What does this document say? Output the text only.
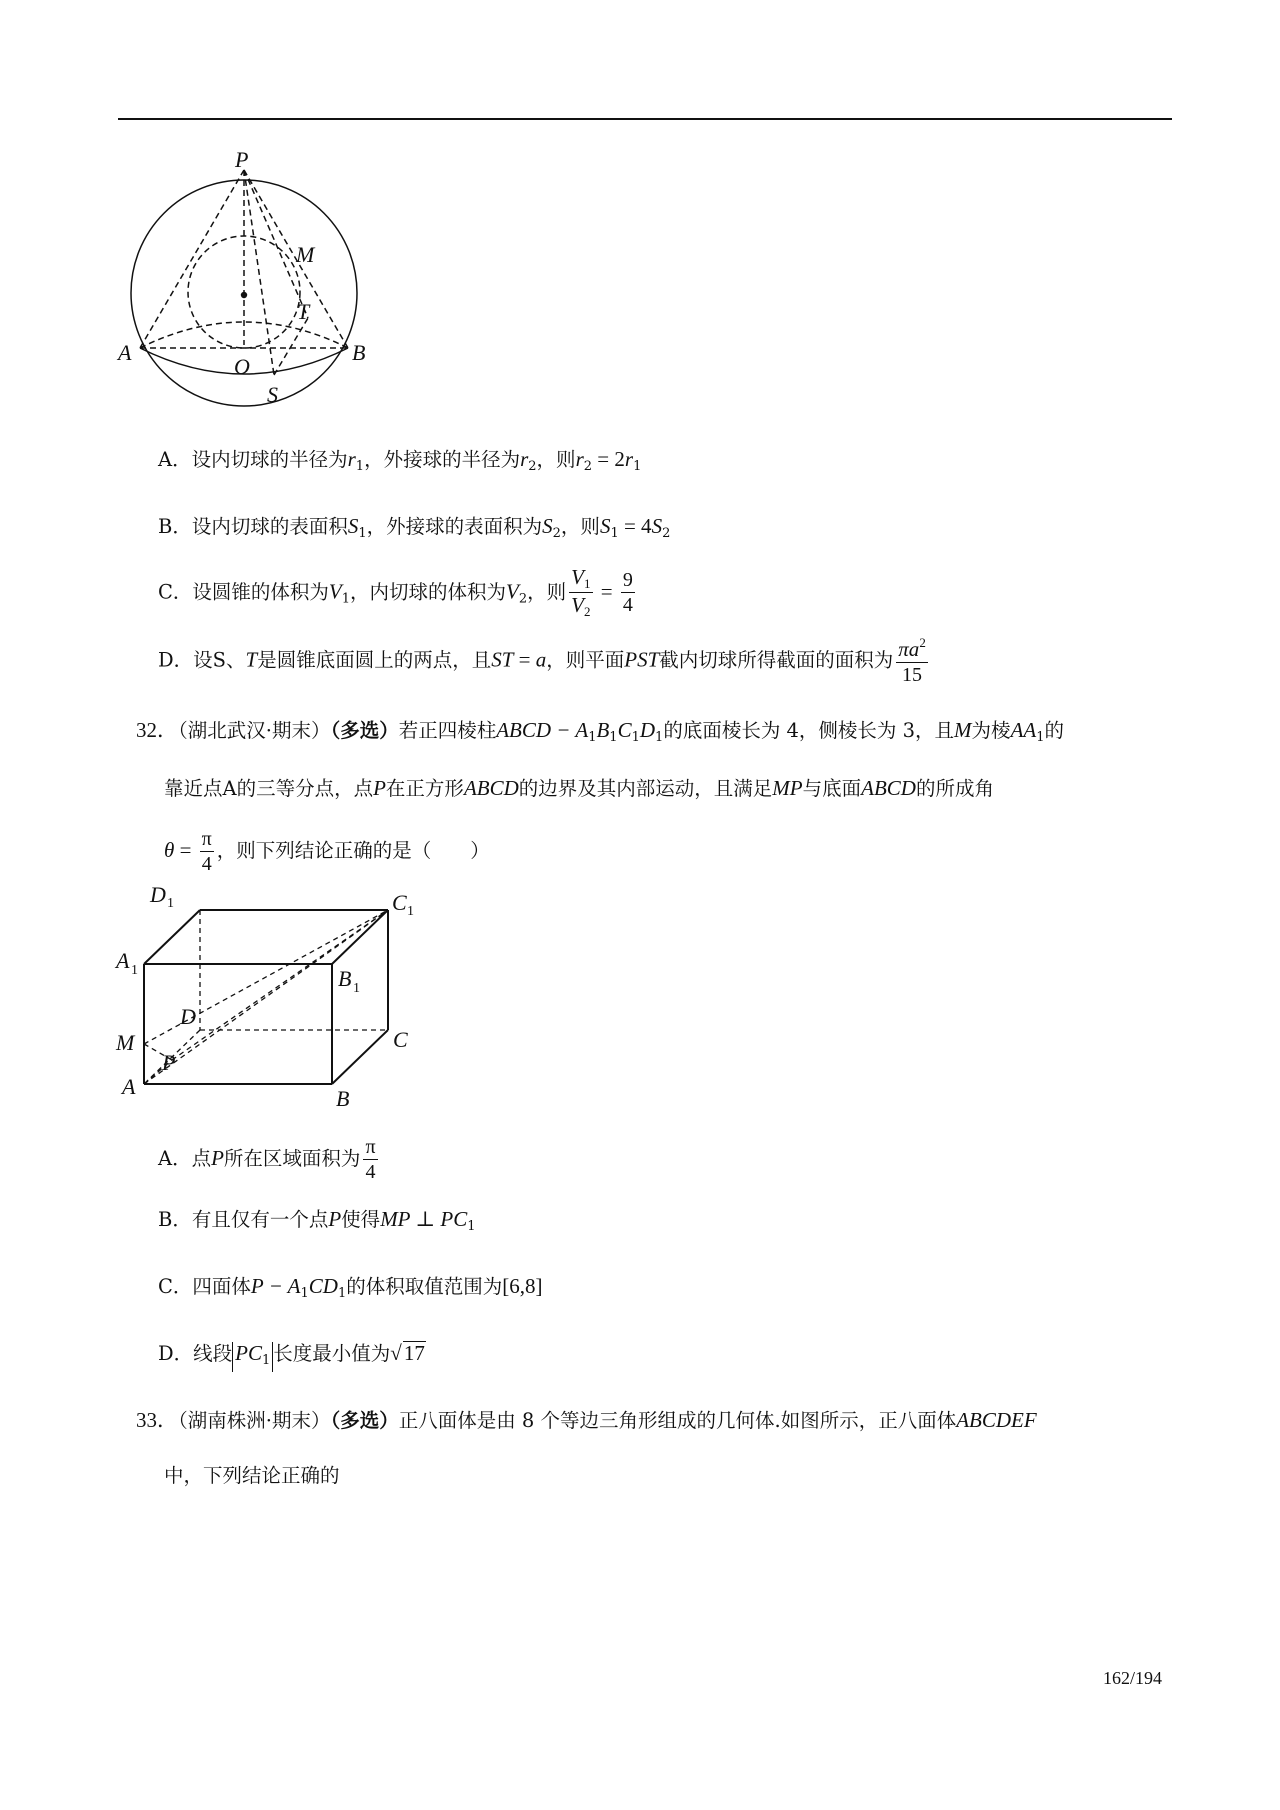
P
M
T
A
O
B
S
A．设内切球的半径为$r_1$，外接球的半径为$r_2$，则$r_2 = 2r_1$
B．设内切球的表面积$S_1$，外接球的表面积为$S_2$，则$S_1 = 4S_2$
C．设圆锥的体积为$V_1$，内切球的体积为$V_2$，则 $\frac{V_1}{V_2} = \frac{9}{4}$
D．设S、T是圆锥底面圆上的两点，且ST = a，则平面PST截内切球所得截面的面积为 $\frac{\pi a^2}{15}$
32．（湖北武汉·期末）（多选）若正四棱柱ABCD − $A_1B_1C_1D_1$的底面棱长为 4，侧棱长为 3，且M为棱$AA_1$的
靠近点A的三等分点，点P在正方形ABCD的边界及其内部运动，且满足MP与底面ABCD的所成角
$\theta = \frac{\pi}{4}$ ，则下列结论正确的是（　　）
D 1	C 1
A 1	B 1
D
C
M
P
A	B
A．点P所在区域面积为 $\frac{\pi}{4}$
B．有且仅有一个点P使得MP ⊥ $PC_1$
C．四面体$P - A_1CD_1$的体积取值范围为[6,8]
D．线段 $PC_1$ 长度最小值为√17
33．（湖南株洲·期末）（多选）正八面体是由 8 个等边三角形组成的几何体.如图所示，正八面体ABCDEF
中，下列结论正确的
162/194
